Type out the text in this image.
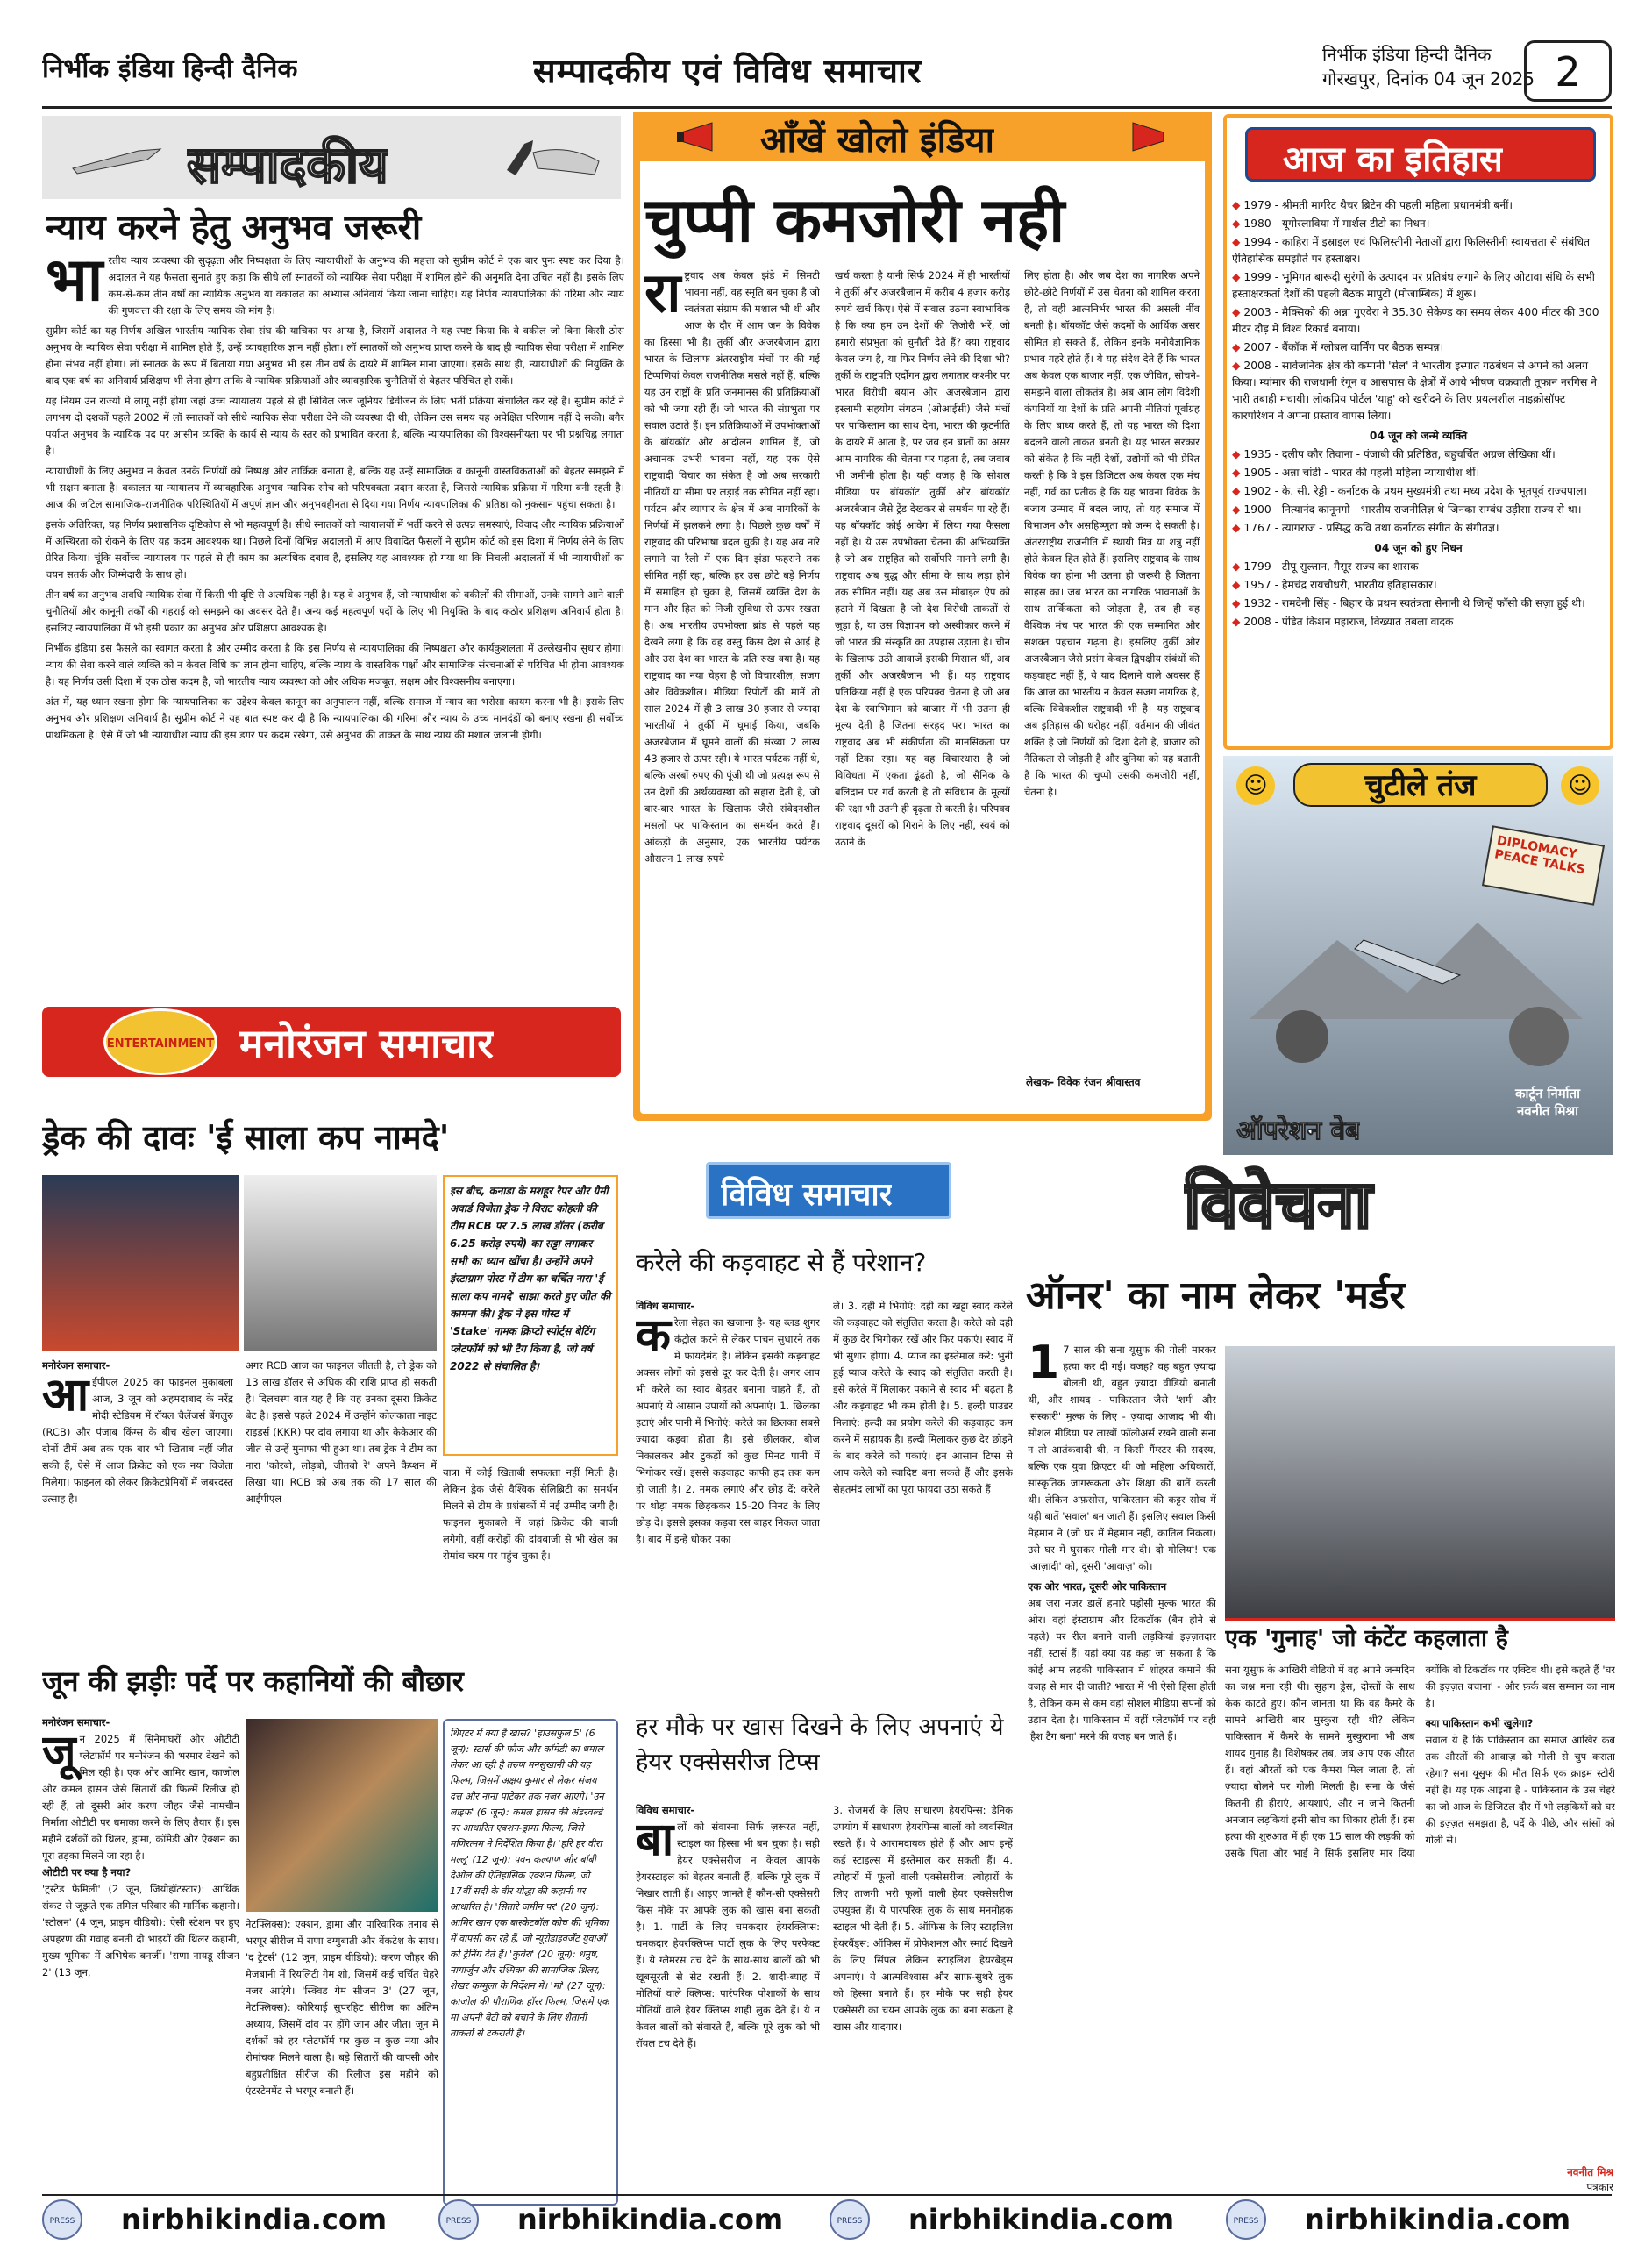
निर्भीक इंडिया हिन्दी दैनिक	सम्पादकीय एवं विविध समाचार	निर्भीक इंडिया हिन्दी दैनिक
गोरखपुर, दिनांक 04 जून 2025 2
सम्पादकीय
न्याय करने हेतु अनुभव जरूरी
भा रतीय न्याय व्यवस्था की सुदृढ़ता और निष्पक्षता के लिए न्यायाधीशों के अनुभव की महत्ता को सुप्रीम कोर्ट ने एक बार पुनः स्पष्ट कर दिया है। अदालत ने यह फैसला सुनाते हुए कहा कि सीधे लॉ स्नातकों को न्यायिक सेवा परीक्षा में शामिल होने की अनुमति देना उचित नहीं है। इसके लिए कम-से-कम तीन वर्षों का न्यायिक अनुभव या वकालत का अभ्यास अनिवार्य किया जाना चाहिए। यह निर्णय न्यायपालिका की गरिमा और न्याय की गुणवत्ता की रक्षा के लिए समय की मांग है।

सुप्रीम कोर्ट का यह निर्णय अखिल भारतीय न्यायिक सेवा संघ की याचिका पर आया है, जिसमें अदालत ने यह स्पष्ट किया कि वे वकील जो बिना किसी ठोस अनुभव के न्यायिक सेवा परीक्षा में शामिल होते हैं, उन्हें व्यावहारिक ज्ञान नहीं होता। लॉ स्नातकों को अनुभव प्राप्त करने के बाद ही न्यायिक सेवा परीक्षा में शामिल होना संभव नहीं होगा। लॉ स्नातक के रूप में बिताया गया अनुभव भी इस तीन वर्ष के दायरे में शामिल माना जाएगा। इसके साथ ही, न्यायाधीशों की नियुक्ति के बाद एक वर्ष का अनिवार्य प्रशिक्षण भी लेना होगा ताकि वे न्यायिक प्रक्रियाओं और व्यावहारिक चुनौतियों से बेहतर परिचित हो सकें।

यह नियम उन राज्यों में लागू नहीं होगा जहां उच्च न्यायालय पहले से ही सिविल जज जूनियर डिवीजन के लिए भर्ती प्रक्रिया संचालित कर रहे हैं। सुप्रीम कोर्ट ने लगभग दो दशकों पहले 2002 में लॉ स्नातकों को सीधे न्यायिक सेवा परीक्षा देने की व्यवस्था दी थी, लेकिन उस समय यह अपेक्षित परिणाम नहीं दे सकी। बगैर पर्याप्त अनुभव के न्यायिक पद पर आसीन व्यक्ति के कार्य से न्याय के स्तर को प्रभावित करता है, बल्कि न्यायपालिका की विश्वसनीयता पर भी प्रश्नचिह्न लगाता है।

न्यायाधीशों के लिए अनुभव न केवल उनके निर्णयों को निष्पक्ष और तार्किक बनाता है, बल्कि यह उन्हें सामाजिक व कानूनी वास्तविकताओं को बेहतर समझने में भी सक्षम बनाता है। वकालत या न्यायालय में व्यावहारिक अनुभव न्यायिक सोच को परिपक्वता प्रदान करता है, जिससे न्यायिक प्रक्रिया में गरिमा बनी रहती है। आज की जटिल सामाजिक-राजनीतिक परिस्थितियों में अपूर्ण ज्ञान और अनुभवहीनता से दिया गया निर्णय न्यायपालिका की प्रतिष्ठा को नुकसान पहुंचा सकता है।

इसके अतिरिक्त, यह निर्णय प्रशासनिक दृष्टिकोण से भी महत्वपूर्ण है। सीधे स्नातकों को न्यायालयों में भर्ती करने से उत्पन्न समस्याएं, विवाद और न्यायिक प्रक्रियाओं में अस्थिरता को रोकने के लिए यह कदम आवश्यक था। पिछले दिनों विभिन्न अदालतों में आए विवादित फैसलों ने सुप्रीम कोर्ट को इस दिशा में निर्णय लेने के लिए प्रेरित किया। चूंकि सर्वोच्च न्यायालय पर पहले से ही काम का अत्यधिक दबाव है, इसलिए यह आवश्यक हो गया था कि निचली अदालतों में भी न्यायाधीशों का चयन सतर्क और जिम्मेदारी के साथ हो।

तीन वर्ष का अनुभव अवधि न्यायिक सेवा में किसी भी दृष्टि से अत्यधिक नहीं है। यह वे अनुभव हैं, जो न्यायाधीश को वकीलों की सीमाओं, उनके सामने आने वाली चुनौतियों और कानूनी तर्कों की गहराई को समझने का अवसर देते हैं। अन्य कई महत्वपूर्ण पदों के लिए भी नियुक्ति के बाद कठोर प्रशिक्षण अनिवार्य होता है। इसलिए न्यायपालिका में भी इसी प्रकार का अनुभव और प्रशिक्षण आवश्यक है।

निर्भीक इंडिया इस फैसले का स्वागत करता है और उम्मीद करता है कि इस निर्णय से न्यायपालिका की निष्पक्षता और कार्यकुशलता में उल्लेखनीय सुधार होगा। न्याय की सेवा करने वाले व्यक्ति को न केवल विधि का ज्ञान होना चाहिए, बल्कि न्याय के वास्तविक पक्षों और सामाजिक संरचनाओं से परिचित भी होना आवश्यक है। यह निर्णय उसी दिशा में एक ठोस कदम है, जो भारतीय न्याय व्यवस्था को और अधिक मजबूत, सक्षम और विश्वसनीय बनाएगा।

अंत में, यह ध्यान रखना होगा कि न्यायपालिका का उद्देश्य केवल कानून का अनुपालन नहीं, बल्कि समाज में न्याय का भरोसा कायम करना भी है। इसके लिए अनुभव और प्रशिक्षण अनिवार्य है। सुप्रीम कोर्ट ने यह बात स्पष्ट कर दी है कि न्यायपालिका की गरिमा और न्याय के उच्च मानदंडों को बनाए रखना ही सर्वोच्च प्राथमिकता है। ऐसे में जो भी न्यायाधीश न्याय की इस डगर पर कदम रखेगा, उसे अनुभव की ताकत के साथ न्याय की मशाल जलानी होगी।

ENTERTAINMENT मनोरंजन समाचार
ड्रेक की दावः 'ई साला कप नामदे'
इस बीच, कनाडा के मशहूर रैपर और ग्रैमी अवार्ड विजेता ड्रेक ने विराट कोहली की टीम RCB पर 7.5 लाख डॉलर (करीब 6.25 करोड़ रुपये) का सट्टा लगाकर सभी का ध्यान खींचा है। उन्होंने अपने इंस्टाग्राम पोस्ट में टीम का चर्चित नारा 'ई साला कप नामदे' साझा करते हुए जीत की कामना की। ड्रेक ने इस पोस्ट में 'Stake' नामक क्रिप्टो स्पोर्ट्स बेटिंग प्लेटफॉर्म को भी टैग किया है, जो वर्ष 2022 से संचालित है।
मनोरंजन समाचार-
आ ईपीएल 2025 का फाइनल मुकाबला आज, 3 जून को अहमदाबाद के नरेंद्र मोदी स्टेडियम में रॉयल चैलेंजर्स बेंगलुरु (RCB) और पंजाब किंग्स के बीच खेला जाएगा। दोनों टीमें अब तक एक बार भी खिताब नहीं जीत सकी हैं, ऐसे में आज क्रिकेट को एक नया विजेता मिलेगा। फाइनल को लेकर क्रिकेटप्रेमियों में जबरदस्त उत्साह है।
अगर RCB आज का फाइनल जीतती है, तो ड्रेक को 13 लाख डॉलर से अधिक की राशि प्राप्त हो सकती है। दिलचस्प बात यह है कि यह उनका दूसरा क्रिकेट बेट है। इससे पहले 2024 में उन्होंने कोलकाता नाइट राइडर्स (KKR) पर दांव लगाया था और केकेआर की जीत से उन्हें मुनाफा भी हुआ था। तब ड्रेक ने टीम का नारा 'कोरबो, लोड़बो, जीतबो रे' अपने कैप्शन में लिखा था। RCB को अब तक की 17 साल की आईपीएल
यात्रा में कोई खिताबी सफलता नहीं मिली है। लेकिन ड्रेक जैसे वैश्विक सेलिब्रिटी का समर्थन मिलने से टीम के प्रशंसकों में नई उम्मीद जगी है। फाइनल मुकाबले में जहां क्रिकेट की बाजी लगेगी, वहीं करोड़ों की दांवबाजी से भी खेल का रोमांच चरम पर पहुंच चुका है।
जून की झड़ीः पर्दे पर कहानियों की बौछार
मनोरंजन समाचार-
जू न 2025 में सिनेमाघरों और ओटीटी प्लेटफॉर्म पर मनोरंजन की भरमार देखने को मिल रही है। एक ओर आमिर खान, काजोल और कमल हासन जैसे सितारों की फिल्में रिलीज हो रही हैं, तो दूसरी ओर करण जौहर जैसे नामचीन निर्माता ओटीटी पर धमाका करने के लिए तैयार हैं। इस महीने दर्शकों को थ्रिलर, ड्रामा, कॉमेडी और ऐक्शन का पूरा तड़का मिलने जा रहा है।
ओटीटी पर क्या है नया?
'ट्रस्टेड फैमिली' (2 जून, जियोहॉटस्टार): आर्थिक संकट से जूझते एक तमिल परिवार की मार्मिक कहानी। 'स्टोलन' (4 जून, प्राइम वीडियो): ऐसी स्टेशन पर हुए अपहरण की गवाह बनती दो भाइयों की थ्रिलर कहानी, मुख्य भूमिका में अभिषेक बनर्जी। 'राणा नायडू सीजन 2' (13 जून,
नेटफ्लिक्स): एक्शन, ड्रामा और पारिवारिक तनाव से भरपूर सीरीज में राणा दग्गुबाती और वेंकटेश के साथ। 'द ट्रेटर्स' (12 जून, प्राइम वीडियो): करण जौहर की मेजबानी में रियलिटी गेम शो, जिसमें कई चर्चित चेहरे नजर आएंगे। 'स्क्विड गेम सीजन 3' (27 जून, नेटफ्लिक्स): कोरियाई सुपरहिट सीरीज का अंतिम अध्याय, जिसमें दांव पर होंगे जान और जीत। जून में दर्शकों को हर प्लेटफॉर्म पर कुछ न कुछ नया और रोमांचक मिलने वाला है। बड़े सितारों की वापसी और बहुप्रतीक्षित सीरीज़ की रिलीज़ इस महीने को एंटरटेनमेंट से भरपूर बनाती हैं।
थिएटर में क्या है खास? 'हाउसफुल 5' (6 जून): स्टार्स की फौज और कॉमेडी का धमाल लेकर आ रही है तरुण मनसुखानी की यह फिल्म, जिसमें अक्षय कुमार से लेकर संजय दत्त और नाना पाटेकर तक नजर आएंगे। 'उन लाइफ' (6 जून): कमल हासन की अंडरवर्ल्ड पर आधारित एक्शन-ड्रामा फिल्म, जिसे मणिरत्नम ने निर्देशित किया है। 'हरि हर वीरा मल्लू' (12 जून): पवन कल्याण और बॉबी देओल की ऐतिहासिक एक्शन फिल्म, जो 17वीं सदी के वीर योद्धा की कहानी पर आधारित है। 'सितारे जमीन पर' (20 जून): आमिर खान एक बास्केटबॉल कोच की भूमिका में वापसी कर रहे हैं, जो न्यूरोडाइवर्जेंट युवाओं को ट्रेनिंग देते हैं। 'कुबेरा' (20 जून): धनुष, नागार्जुन और रश्मिका की सामाजिक थ्रिलर, शेखर कम्मुला के निर्देशन में। 'मां' (27 जून): काजोल की पौराणिक हॉरर फिल्म, जिसमें एक मां अपनी बेटी को बचाने के लिए शैतानी ताकतों से टकराती है।
आँखें खोलो इंडिया
चुप्पी कमजोरी नही
रा ष्ट्रवाद अब केवल झंडे में सिमटी भावना नहीं, वह स्मृति बन चुका है जो स्वतंत्रता संग्राम की मशाल भी थी और आज के दौर में आम जन के विवेक का हिस्सा भी है। तुर्की और अजरबैजान द्वारा भारत के खिलाफ अंतरराष्ट्रीय मंचों पर की गई टिप्पणियां केवल राजनीतिक मसले नहीं हैं, बल्कि यह उन राष्ट्रों के प्रति जनमानस की प्रतिक्रियाओं को भी जगा रही हैं। जो भारत की संप्रभुता पर सवाल उठाते हैं। इन प्रतिक्रियाओं में उपभोक्ताओं के बॉयकॉट और आंदोलन शामिल हैं, जो अचानक उभरी भावना नहीं, यह एक ऐसे राष्ट्रवादी विचार का संकेत है जो अब सरकारी नीतियों या सीमा पर लड़ाई तक सीमित नहीं रहा। पर्यटन और व्यापार के क्षेत्र में अब नागरिकों के निर्णयों में झलकने लगा है। पिछले कुछ वर्षों में राष्ट्रवाद की परिभाषा बदल चुकी है। यह अब नारे लगाने या रैली में एक दिन झंडा फहराने तक सीमित नहीं रहा, बल्कि हर उस छोटे बड़े निर्णय में समाहित हो चुका है, जिसमें व्यक्ति देश के मान और हित को निजी सुविधा से ऊपर रखता है। अब भारतीय उपभोक्ता ब्रांड से पहले यह देखने लगा है कि वह वस्तु किस देश से आई है और उस देश का भारत के प्रति रुख क्या है। यह राष्ट्रवाद का नया चेहरा है जो विचारशील, सजग और विवेकशील। मीडिया रिपोर्टों की मानें तो साल 2024 में ही 3 लाख 30 हजार से ज्यादा भारतीयों ने तुर्की में घूमाई किया, जबकि अजरबैजान में घूमने वालों की संख्या 2 लाख 43 हजार से ऊपर रही। ये भारत पर्यटक नहीं थे, बल्कि अरबों रुपए की पूंजी थी जो प्रत्यक्ष रूप से उन देशों की अर्थव्यवस्था को सहारा देती है, जो बार-बार भारत के खिलाफ जैसे संवेदनशील मसलों पर पाकिस्तान का समर्थन करते हैं। आंकड़ों के अनुसार, एक भारतीय पर्यटक औसतन 1 लाख रुपये
खर्च करता है यानी सिर्फ 2024 में ही भारतीयों ने तुर्की और अजरबैजान में करीब 4 हजार करोड़ रुपये खर्च किए। ऐसे में सवाल उठना स्वाभाविक है कि क्या हम उन देशों की तिजोरी भरें, जो हमारी संप्रभुता को चुनौती देते हैं? क्या राष्ट्रवाद केवल जंग है, या फिर निर्णय लेने की दिशा भी? तुर्की के राष्ट्रपति एर्दोगन द्वारा लगातार कश्मीर पर भारत विरोधी बयान और अजरबैजान द्वारा इस्लामी सहयोग संगठन (ओआईसी) जैसे मंचों पर पाकिस्तान का साथ देना, भारत की कूटनीति के दायरे में आता है, पर जब इन बातों का असर आम नागरिक की चेतना पर पड़ता है, तब जवाब भी जमीनी होता है। यही वजह है कि सोशल मीडिया पर बॉयकॉट तुर्की और बॉयकॉट अजरबैजान जैसे ट्रेंड देखकर से समर्थन पा रहे हैं। यह बॉयकॉट कोई आवेग में लिया गया फैसला नहीं है। ये उस उपभोक्ता चेतना की अभिव्यक्ति है जो अब राष्ट्रहित को सर्वोपरि मानने लगी है। राष्ट्रवाद अब युद्ध और सीमा के साथ लड़ा होने तक सीमित नहीं। यह अब उस मोबाइल ऐप को हटाने में दिखता है जो देश विरोधी ताकतों से जुड़ा है, या उस विज्ञापन को अस्वीकार करने में जो भारत की संस्कृति का उपहास उड़ाता है। चीन के खिलाफ उठी आवाजें इसकी मिसाल थीं, अब तुर्की और अजरबैजान भी हैं। यह राष्ट्रवाद प्रतिक्रिया नहीं है एक परिपक्व चेतना है जो अब देश के स्वाभिमान को बाजार में भी उतना ही मूल्य देती है जितना सरहद पर। भारत का राष्ट्रवाद अब भी संकीर्णता की मानसिकता पर नहीं टिका रहा। यह वह विचारधारा है जो विविधता में एकता ढूंढती है, जो सैनिक के बलिदान पर गर्व करती है तो संविधान के मूल्यों की रक्षा भी उतनी ही दृढ़ता से करती है। परिपक्व राष्ट्रवाद दूसरों को गिराने के लिए नहीं, स्वयं को उठाने के
लिए होता है। और जब देश का नागरिक अपने छोटे-छोटे निर्णयों में उस चेतना को शामिल करता है, तो वही आत्मनिर्भर भारत की असली नींव बनती है। बॉयकॉट जैसे कदमों के आर्थिक असर सीमित हो सकते हैं, लेकिन इनके मनोवैज्ञानिक प्रभाव गहरे होते हैं। ये यह संदेश देते हैं कि भारत अब केवल एक बाजार नहीं, एक जीवित, सोचने-समझने वाला लोकतंत्र है। अब आम लोग विदेशी कंपनियों या देशों के प्रति अपनी नीतियां पूर्वाग्रह के लिए बाध्य करते हैं, तो यह भारत की दिशा बदलने वाली ताकत बनती है। यह भारत सरकार को संकेत है कि नहीं देशों, उद्योगों को भी प्रेरित करती है कि वे इस डिजिटल अब केवल एक मंच नहीं, गर्व का प्रतीक है कि यह भावना विवेक के बजाय उन्माद में बदल जाए, तो यह समाज में विभाजन और असहिष्णुता को जन्म दे सकती है। अंतरराष्ट्रीय राजनीति में स्थायी मित्र या शत्रु नहीं होते केवल हित होते हैं। इसलिए राष्ट्रवाद के साथ विवेक का होना भी उतना ही जरूरी है जितना साहस का। जब भारत का नागरिक भावनाओं के साथ तार्किकता को जोड़ता है, तब ही वह वैश्विक मंच पर भारत की एक सम्मानित और सशक्त पहचान गढ़ता है। इसलिए तुर्की और अजरबैजान जैसे प्रसंग केवल द्विपक्षीय संबंधों की कड़वाहट नहीं हैं, ये याद दिलाने वाले अवसर हैं कि आज का भारतीय न केवल सजग नागरिक है, बल्कि विवेकशील राष्ट्रवादी भी है। यह राष्ट्रवाद अब इतिहास की धरोहर नहीं, वर्तमान की जीवंत शक्ति है जो निर्णयों को दिशा देती है, बाजार को नैतिकता से जोड़ती है और दुनिया को यह बताती है कि भारत की चुप्पी उसकी कमजोरी नहीं, चेतना है।
लेखक- विवेक रंजन श्रीवास्तव
आज का इतिहास
◆ 1979 - श्रीमती मार्गरेट थैचर ब्रिटेन की पहली महिला प्रधानमंत्री बनीं।
◆ 1980 - यूगोस्लाविया में मार्शल टीटो का निधन।
◆ 1994 - काहिरा में इस्राइल एवं फिलिस्तीनी नेताओं द्वारा फिलिस्तीनी स्वायत्तता से संबंधित ऐतिहासिक समझौते पर हस्ताक्षर।
◆ 1999 - भूमिगत बारूदी सुरंगों के उत्पादन पर प्रतिबंध लगाने के लिए ओटावा संधि के सभी हस्ताक्षरकर्ता देशों की पहली बैठक मापुटो (मोजाम्बिक) में शुरू।
◆ 2003 - मैक्सिको की अन्ना गुएवेरा ने 35.30 सेकेण्ड का समय लेकर 400 मीटर की 300 मीटर दौड़ में विश्व रिकार्ड बनाया।
◆ 2007 - बैंकॉक में ग्लोबल वार्मिंग पर बैठक सम्पन्न।
◆ 2008 - सार्वजनिक क्षेत्र की कम्पनी 'सेल' ने भारतीय इस्पात गठबंधन से अपने को अलग किया। म्यांमार की राजधानी रंगून व आसपास के क्षेत्रों में आये भीषण चक्रवाती तूफान नरगिस ने भारी तबाही मचायी। लोकप्रिय पोर्टल 'याहू' को खरीदने के लिए प्रयत्नशील माइक्रोसॉफ्ट कारपोरेशन ने अपना प्रस्ताव वापस लिया।
04 जून को जन्मे व्यक्ति
◆ 1935 - दलीप कौर तिवाना - पंजाबी की प्रतिष्ठित, बहुचर्चित अग्रज लेखिका थीं।
◆ 1905 - अन्ना चांडी - भारत की पहली महिला न्यायाधीश थीं।
◆ 1902 - के. सी. रेड्डी - कर्नाटक के प्रथम मुख्यमंत्री तथा मध्य प्रदेश के भूतपूर्व राज्यपाल।
◆ 1900 - नित्यानंद कानूनगो - भारतीय राजनीतिज्ञ थे जिनका सम्बंध उड़ीसा राज्य से था।
◆ 1767 - त्यागराज - प्रसिद्ध कवि तथा कर्नाटक संगीत के संगीतज्ञ।
04 जून को हुए निधन
◆ 1799 - टीपू सुल्तान, मैसूर राज्य का शासक।
◆ 1957 - हेमचंद्र रायचौधरी, भारतीय इतिहासकार।
◆ 1932 - रामदेनी सिंह - बिहार के प्रथम स्वतंत्रता सेनानी थे जिन्हें फाँसी की सज़ा हुई थी।
◆ 2008 - पंडित किशन महाराज, विख्यात तबला वादक
चुटीले तंज
☺	☺
DIPLOMACY PEACE TALKS
ऑपरेशन वेब
कार्टून निर्माता
नवनीत मिश्रा
विविध समाचार
करेले की कड़वाहट से हैं परेशान?
विविध समाचार-
क रेला सेहत का खजाना है- यह ब्लड शुगर कंट्रोल करने से लेकर पाचन सुधारने तक में फायदेमंद है। लेकिन इसकी कड़वाहट अक्सर लोगों को इससे दूर कर देती है। अगर आप भी करेले का स्वाद बेहतर बनाना चाहते हैं, तो अपनाएं ये आसान उपायों को अपनाएं। 1. छिलका हटाएं और पानी में भिगोएं: करेले का छिलका सबसे ज्यादा कड़वा होता है। इसे छीलकर, बीज निकालकर और टुकड़ों को कुछ मिनट पानी में भिगोकर रखें। इससे कड़वाहट काफी हद तक कम हो जाती है। 2. नमक लगाएं और छोड़ दें: करेले पर थोड़ा नमक छिड़ककर 15-20 मिनट के लिए छोड़ दें। इससे इसका कड़वा रस बाहर निकल जाता है। बाद में इन्हें धोकर पका
लें। 3. दही में भिगोएं: दही का खट्टा स्वाद करेले की कड़वाहट को संतुलित करता है। करेले को दही में कुछ देर भिगोकर रखें और फिर पकाएं। स्वाद में भी सुधार होगा। 4. प्याज का इस्तेमाल करें: भुनी हुई प्याज करेले के स्वाद को संतुलित करती है। इसे करेले में मिलाकर पकाने से स्वाद भी बढ़ता है और कड़वाहट भी कम होती है। 5. हल्दी पाउडर मिलाएं: हल्दी का प्रयोग करेले की कड़वाहट कम करने में सहायक है। हल्दी मिलाकर कुछ देर छोड़ने के बाद करेले को पकाएं। इन आसान टिप्स से आप करेले को स्वादिष्ट बना सकते हैं और इसके सेहतमंद लाभों का पूरा फायदा उठा सकते हैं।
हर मौके पर खास दिखने के लिए अपनाएं ये हेयर एक्सेसरीज टिप्स
विविध समाचार-
बा लों को संवारना सिर्फ ज़रूरत नहीं, स्टाइल का हिस्सा भी बन चुका है। सही हेयर एक्सेसरीज न केवल आपके हेयरस्टाइल को बेहतर बनाती हैं, बल्कि पूरे लुक में निखार लाती हैं। आइए जानते हैं कौन-सी एक्सेसरी किस मौके पर आपके लुक को खास बना सकती है। 1. पार्टी के लिए चमकदार हेयरक्लिप्स: चमकदार हेयरक्लिप्स पार्टी लुक के लिए परफेक्ट हैं। ये ग्लैमरस टच देने के साथ-साथ बालों को भी खूबसूरती से सेट रखती हैं। 2. शादी-ब्याह में मोतियों वाले क्लिप्स: पारंपरिक पोशाकों के साथ मोतियों वाले हेयर क्लिप्स शाही लुक देते हैं। ये न केवल बालों को संवारते हैं, बल्कि पूरे लुक को भी रॉयल टच देते हैं।
3. रोजमर्रा के लिए साधारण हेयरपिन्स: डेनिक उपयोग में साधारण हेयरपिन्स बालों को व्यवस्थित रखते हैं। ये आरामदायक होते हैं और आप इन्हें कई स्टाइल्स में इस्तेमाल कर सकती हैं। 4. त्योहारों में फूलों वाली एक्सेसरीज: त्योहारों के लिए ताजगी भरी फूलों वाली हेयर एक्सेसरीज उपयुक्त हैं। ये पारंपरिक लुक के साथ मनमोहक स्टाइल भी देती हैं। 5. ऑफिस के लिए स्टाइलिश हेयरबैंड्स: ऑफिस में प्रोफेशनल और स्मार्ट दिखने के लिए सिंपल लेकिन स्टाइलिश हेयरबैंड्स अपनाएं। ये आत्मविश्वास और साफ-सुथरे लुक को हिस्सा बनाते हैं। हर मौके पर सही हेयर एक्सेसरी का चयन आपके लुक का बना सकता है खास और यादगार।
विवेचना
ऑनर' का नाम लेकर 'मर्डर
1 7 साल की सना यूसुफ की गोली मारकर हत्या कर दी गई। वजह? वह बहुत ज़्यादा बोलती थी, बहुत ज़्यादा वीडियो बनाती थी, और शायद - पाकिस्तान जैसे 'शर्म' और 'संस्कारी' मुल्क के लिए - ज़्यादा आज़ाद भी थी। सोशल मीडिया पर लाखों फॉलोअर्स रखने वाली सना न तो आतंकवादी थी, न किसी गैंग्स्टर की सदस्य, बल्कि एक युवा क्रिएटर थी जो महिला अधिकारों, सांस्कृतिक जागरूकता और शिक्षा की बातें करती थी। लेकिन अफ़सोस, पाकिस्तान की कट्टर सोच में यही बातें 'सवाल' बन जाती हैं। इसलिए सवाल किसी मेहमान ने (जो घर में मेहमान नहीं, कातिल निकला) उसे घर में घुसकर गोली मार दी। दो गोलियां! एक 'आज़ादी' को, दूसरी 'आवाज़' को।
एक ओर भारत, दूसरी ओर पाकिस्तान
अब ज़रा नज़र डालें हमारे पड़ोसी मुल्क भारत की ओर। वहां इंस्टाग्राम और टिकटॉक (बैन होने से पहले) पर रील बनाने वाली लड़कियां इज़्ज़तदार नहीं, स्टार्स हैं। यहां क्या यह कहा जा सकता है कि कोई आम लड़की पाकिस्तान में शोहरत कमाने की वजह से मार दी जाती? भारत में भी ऐसी हिंसा होती है, लेकिन कम से कम वहां सोशल मीडिया सपनों को उड़ान देता है। पाकिस्तान में वहीं प्लेटफॉर्म पर वही 'हैश टैग बना' मरने की वजह बन जाते हैं।
एक 'गुनाह' जो कंटेंट कहलाता है
सना यूसुफ के आखिरी वीडियो में वह अपने जन्मदिन का जश्न मना रही थी। सुहाग ड्रेस, दोस्तों के साथ केक काटते हुए। कौन जानता था कि वह कैमरे के सामने आखिरी बार मुस्कुरा रही थी? लेकिन पाकिस्तान में कैमरे के सामने मुस्कुराना भी अब शायद गुनाह है। विशेषकर तब, जब आप एक औरत हैं। वहां औरतों को एक कैमरा मिल जाता है, तो ज़्यादा बोलने पर गोली मिलती है। सना के जैसे कितनी ही हीराएं, आयशाएं, और न जाने कितनी अनजान लड़कियां इसी सोच का शिकार होती हैं। इस हत्या की शुरुआत में ही एक 15 साल की लड़की को उसके पिता और भाई ने सिर्फ इसलिए मार दिया क्योंकि वो टिकटॉक पर एक्टिव थी। इसे कहते हैं 'घर की इज़्ज़त बचाना' - और फ़र्क बस सम्मान का नाम है।
क्या पाकिस्तान कभी खुलेगा?
सवाल ये है कि पाकिस्तान का समाज आखिर कब तक औरतों की आवाज़ को गोली से चुप कराता रहेगा? सना यूसुफ की मौत सिर्फ एक क्राइम स्टोरी नहीं है। यह एक आइना है - पाकिस्तान के उस चेहरे का जो आज के डिजिटल दौर में भी लड़कियों को घर की इज़्ज़त समझता है, पर्दे के पीछे, और सांसों को गोली से।
नवनीत मिश्र
पत्रकार
PRESS nirbhikindia.com	PRESS nirbhikindia.com	PRESS nirbhikindia.com	PRESS nirbhikindia.com
